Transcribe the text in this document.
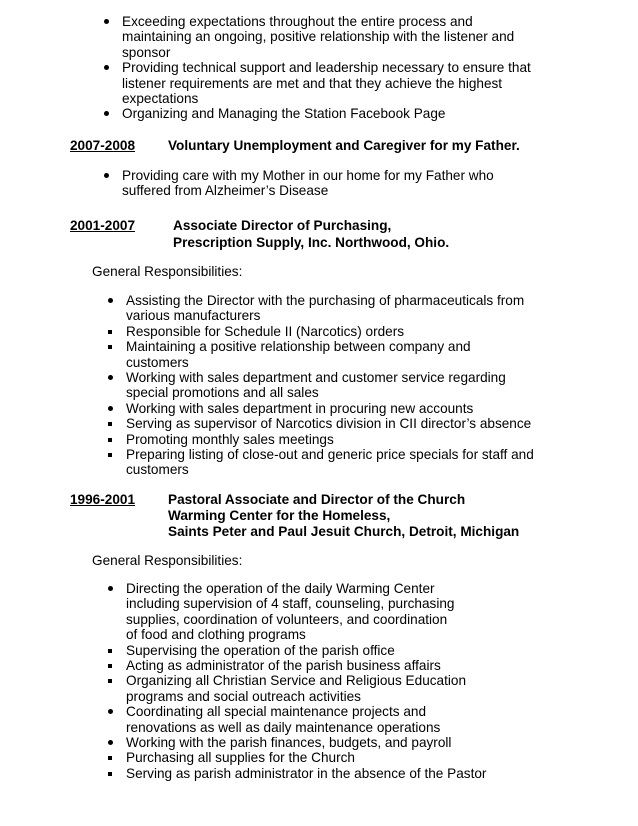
Exceeding expectations throughout the entire process and
maintaining an ongoing, positive relationship with the listener and
sponsor
Providing technical support and leadership necessary to ensure that
listener requirements are met and that they achieve the highest
expectations
Organizing and Managing the Station Facebook Page
2007-2008 Voluntary Unemployment and Caregiver for my Father.
Providing care with my Mother in our home for my Father who
suffered from Alzheimer’s Disease
2001-2007	Associate Director of Purchasing,
Prescription Supply, Inc. Northwood, Ohio.
General Responsibilities:
Assisting the Director with the purchasing of pharmaceuticals from
various manufacturers
Responsible for Schedule II (Narcotics) orders
Maintaining a positive relationship between company and
customers
Working with sales department and customer service regarding
special promotions and all sales
Working with sales department in procuring new accounts
Serving as supervisor of Narcotics division in CII director’s absence
Promoting monthly sales meetings
Preparing listing of close-out and generic price specials for staff and
customers
1996-2001 Pastoral Associate and Director of the Church
Warming Center for the Homeless,
Saints Peter and Paul Jesuit Church, Detroit, Michigan
General Responsibilities:
Directing the operation of the daily Warming Center
including supervision of 4 staff, counseling, purchasing
supplies, coordination of volunteers, and coordination
of food and clothing programs
Supervising the operation of the parish office
Acting as administrator of the parish business affairs
Organizing all Christian Service and Religious Education
programs and social outreach activities
Coordinating all special maintenance projects and
renovations as well as daily maintenance operations
Working with the parish finances, budgets, and payroll
Purchasing all supplies for the Church
Serving as parish administrator in the absence of the Pastor
